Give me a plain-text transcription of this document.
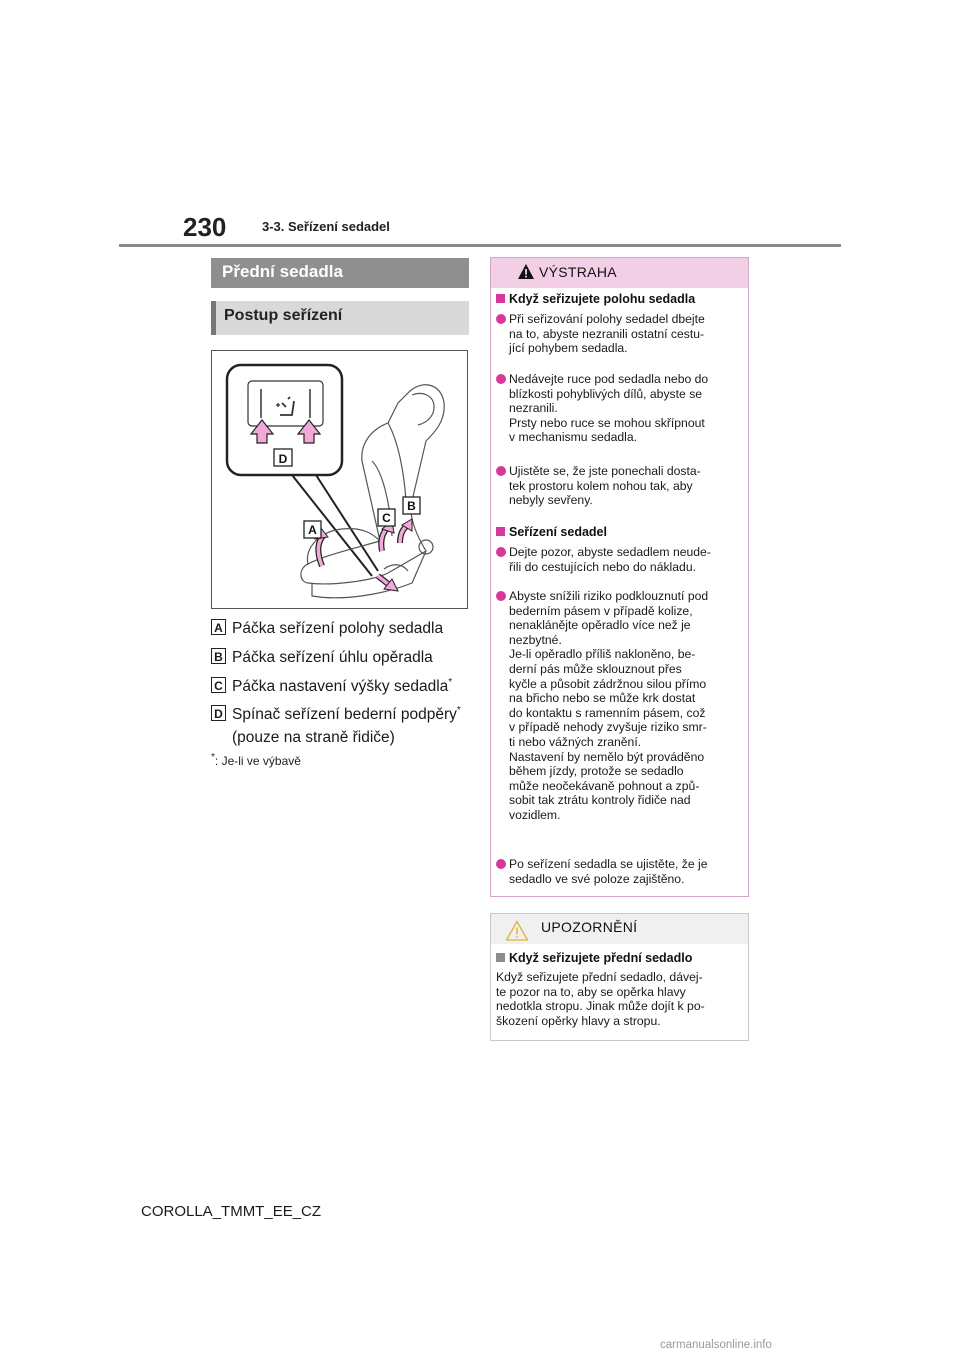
230	3-3. Seřízení sedadel
Přední sedadla
Postup seřízení
D
A
B
C
A Páčka seřízení polohy sedadla
B Páčka seřízení úhlu opěradla
C Páčka nastavení výšky sedadla*
D Spínač seřízení bederní podpěry*
(pouze na straně řidiče)
*: Je-li ve výbavě
VÝSTRAHA
Když seřizujete polohu sedadla
Při seřizování polohy sedadel dbejte
na to, abyste nezranili ostatní cestu-
jící pohybem sedadla.
Nedávejte ruce pod sedadla nebo do
blízkosti pohyblivých dílů, abyste se
nezranili.
Prsty nebo ruce se mohou skřípnout
v mechanismu sedadla.
Ujistěte se, že jste ponechali dosta-
tek prostoru kolem nohou tak, aby
nebyly sevřeny.
Seřízení sedadel
Dejte pozor, abyste sedadlem neude-
řili do cestujících nebo do nákladu.
Abyste snížili riziko podklouznutí pod
bederním pásem v případě kolize,
nenaklánějte opěradlo více než je
nezbytné.
Je-li opěradlo příliš nakloněno, be-
derní pás může sklouznout přes
kyčle a působit zádržnou silou přímo
na břicho nebo se může krk dostat
do kontaktu s ramenním pásem, což
v případě nehody zvyšuje riziko smr-
ti nebo vážných zranění.
Nastavení by nemělo být prováděno
během jízdy, protože se sedadlo
může neočekávaně pohnout a způ-
sobit tak ztrátu kontroly řidiče nad
vozidlem.
Po seřízení sedadla se ujistěte, že je
sedadlo ve své poloze zajištěno.
UPOZORNĚNÍ
Když seřizujete přední sedadlo
Když seřizujete přední sedadlo, dávej-
te pozor na to, aby se opěrka hlavy
nedotkla stropu. Jinak může dojít k po-
škození opěrky hlavy a stropu.
COROLLA_TMMT_EE_CZ
carmanualsonline.info
